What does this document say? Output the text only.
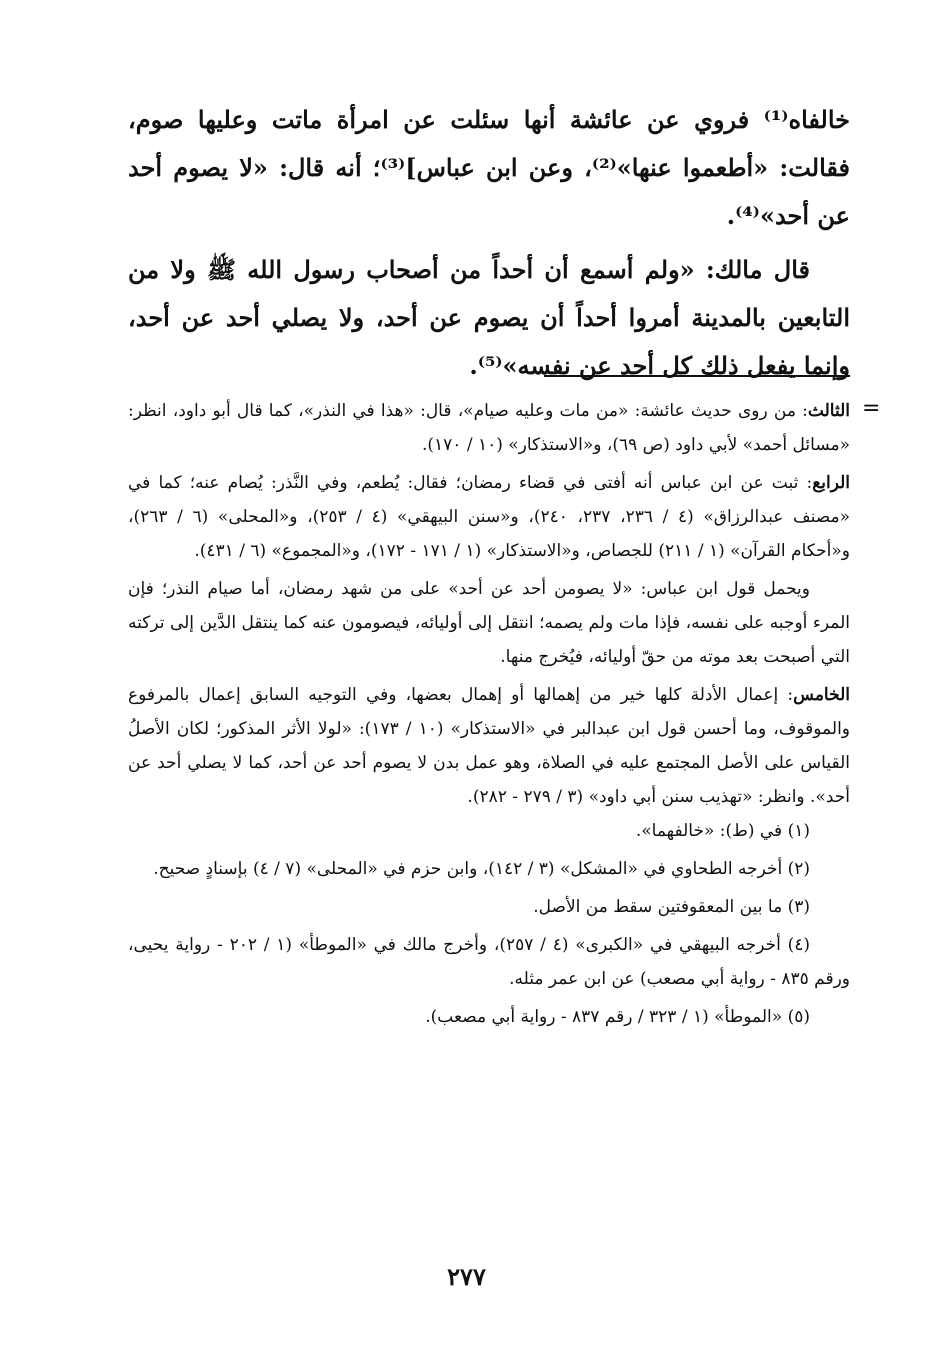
خالفاه⁽¹⁾ فروي عن عائشة أنها سئلت عن امرأة ماتت وعليها صوم، فقالت: «أطعموا عنها»⁽²⁾، وعن ابن عباس]⁽³⁾؛ أنه قال: «لا يصوم أحد عن أحد»⁽⁴⁾.

قال مالك: «ولم أسمع أن أحداً من أصحاب رسول الله ﷺ ولا من التابعين بالمدينة أمروا أحداً أن يصوم عن أحد، ولا يصلي أحد عن أحد، وإنما يفعل ذلك كل أحد عن نفسه»⁽⁵⁾.

=

الثالث: من روى حديث عائشة: «من مات وعليه صيام»، قال: «هذا في النذر»، كما قال أبو داود، انظر: «مسائل أحمد» لأبي داود (ص ٦٩)، و«الاستذكار» (١٠ / ١٧٠).

الرابع: ثبت عن ابن عباس أنه أفتى في قضاء رمضان؛ فقال: يُطعم، وفي النَّذر: يُصام عنه؛ كما في «مصنف عبدالرزاق» (٤ / ٢٣٦، ٢٣٧، ٢٤٠)، و«سنن البيهقي» (٤ / ٢٥٣)، و«المحلى» (٦ / ٢٦٣)، و«أحكام القرآن» (١ / ٢١١) للجصاص، و«الاستذكار» (١ / ١٧١ - ١٧٢)، و«المجموع» (٦ / ٤٣١).

ويحمل قول ابن عباس: «لا يصومن أحد عن أحد» على من شهد رمضان، أما صيام النذر؛ فإن المرء أوجبه على نفسه، فإذا مات ولم يصمه؛ انتقل إلى أوليائه، فيصومون عنه كما ينتقل الدَّين إلى تركته التي أصبحت بعد موته من حقّ أوليائه، فيُخرج منها.

الخامس: إعمال الأدلة كلها خير من إهمالها أو إهمال بعضها، وفي التوجيه السابق إعمال بالمرفوع والموقوف، وما أحسن قول ابن عبدالبر في «الاستذكار» (١٠ / ١٧٣): «لولا الأثر المذكور؛ لكان الأصلُ القياس على الأصل المجتمع عليه في الصلاة، وهو عمل بدن لا يصوم أحد عن أحد، كما لا يصلي أحد عن أحد». وانظر: «تهذيب سنن أبي داود» (٣ / ٢٧٩ - ٢٨٢).

(١) في (ط): «خالفهما».

(٢) أخرجه الطحاوي في «المشكل» (٣ / ١٤٢)، وابن حزم في «المحلى» (٧ / ٤) بإسنادٍ صحيح.

(٣) ما بين المعقوفتين سقط من الأصل.

(٤) أخرجه البيهقي في «الكبرى» (٤ / ٢٥٧)، وأخرج مالك في «الموطأ» (١ / ٢٠٢ - رواية يحيى، ورقم ٨٣٥ - رواية أبي مصعب) عن ابن عمر مثله.

(٥) «الموطأ» (١ / ٣٢٣ / رقم ٨٣٧ - رواية أبي مصعب).

٢٧٧
